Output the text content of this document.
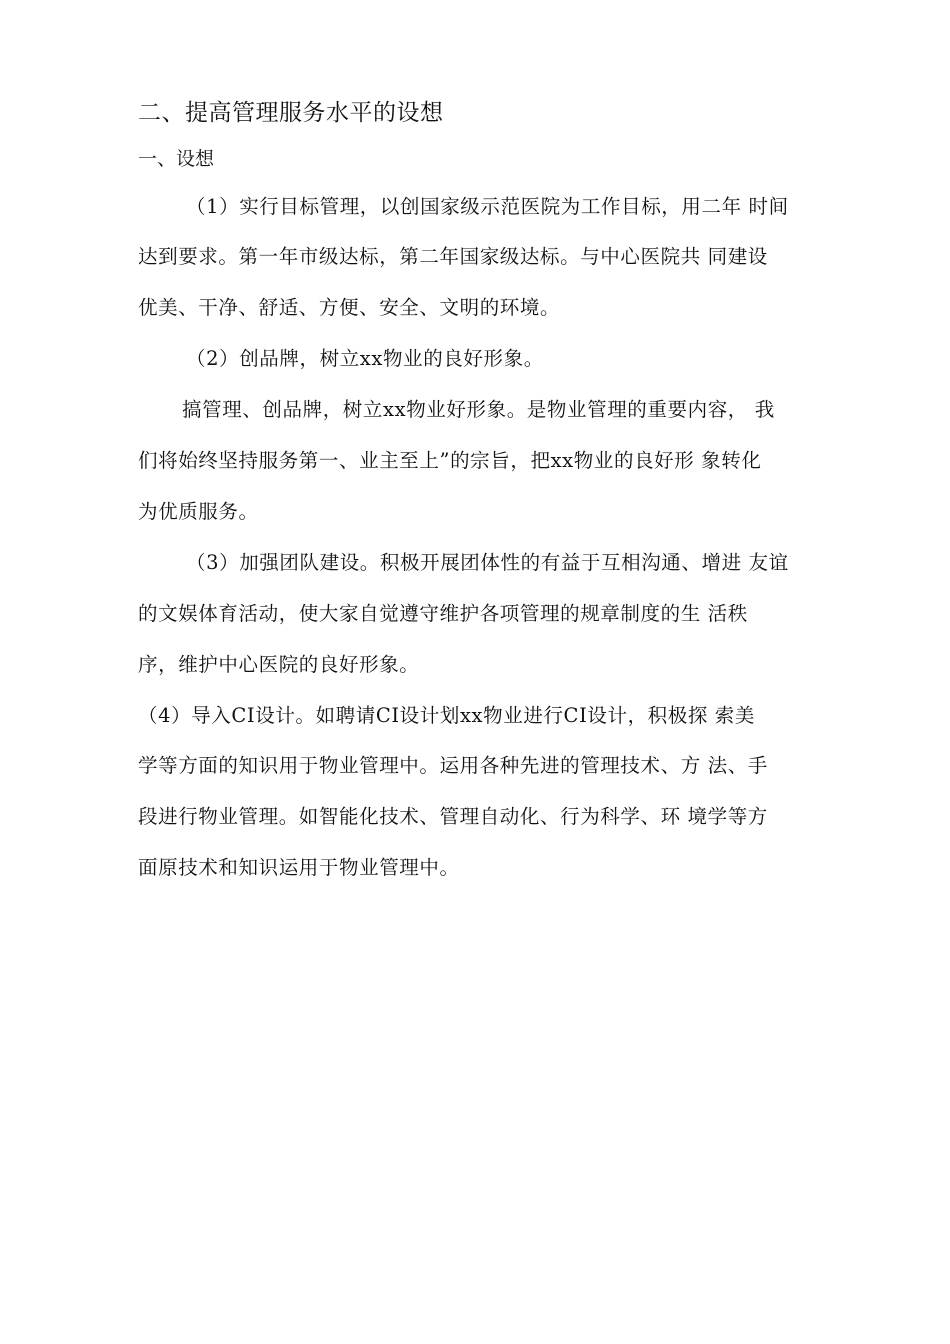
二、提高管理服务水平的设想
一、设想
（1）实行目标管理，以创国家级示范医院为工作目标，用二年 时间
达到要求。第一年市级达标，第二年国家级达标。与中心医院共 同建设
优美、干净、舒适、方便、安全、文明的环境。
（2）创品牌，树立xx物业的良好形象。
搞管理、创品牌，树立xx物业好形象。是物业管理的重要内容， 我
们将始终坚持服务第一、业主至上”的宗旨，把xx物业的良好形 象转化
为优质服务。
（3）加强团队建设。积极开展团体性的有益于互相沟通、增进 友谊
的文娱体育活动，使大家自觉遵守维护各项管理的规章制度的生 活秩
序，维护中心医院的良好形象。
（4）导入CI设计。如聘请CI设计划xx物业进行CI设计，积极探 索美
学等方面的知识用于物业管理中。运用各种先进的管理技术、方 法、手
段进行物业管理。如智能化技术、管理自动化、行为科学、环 境学等方
面原技术和知识运用于物业管理中。
